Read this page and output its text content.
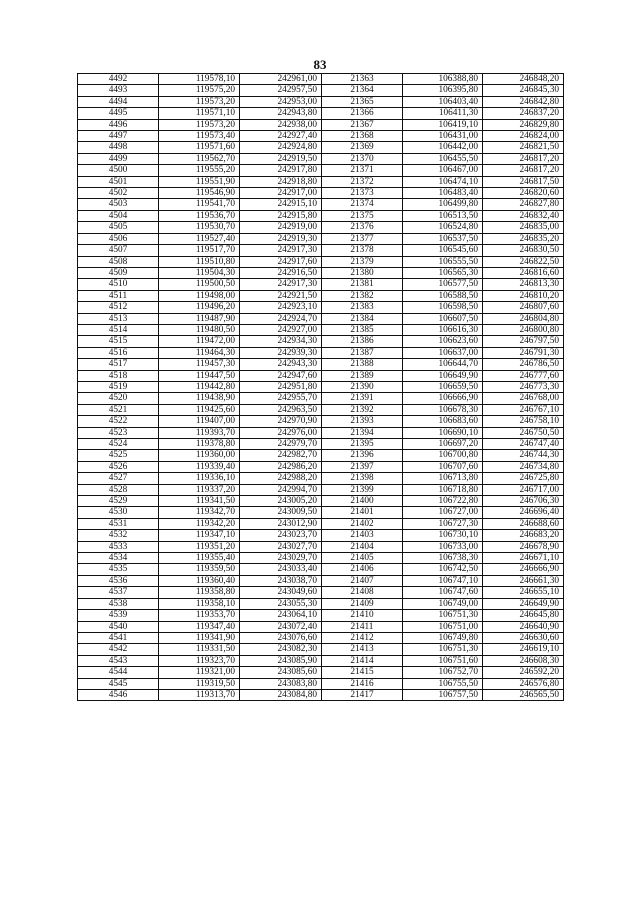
83
4492	119578,10	242961,00	21363	106388,80	246848,20
4493	119575,20	242957,50	21364	106395,80	246845,30
4494	119573,20	242953,00	21365	106403,40	246842,80
4495	119571,10	242943,80	21366	106411,30	246837,20
4496	119573,20	242938,00	21367	106419,10	246829,80
4497	119573,40	242927,40	21368	106431,00	246824,00
4498	119571,60	242924,80	21369	106442,00	246821,50
4499	119562,70	242919,50	21370	106455,50	246817,20
4500	119555,20	242917,80	21371	106467,00	246817,20
4501	119551,90	242918,80	21372	106474,10	246817,50
4502	119546,90	242917,00	21373	106483,40	246820,60
4503	119541,70	242915,10	21374	106499,80	246827,80
4504	119536,70	242915,80	21375	106513,50	246832,40
4505	119530,70	242919,00	21376	106524,80	246835,00
4506	119527,40	242919,30	21377	106537,50	246835,20
4507	119517,70	242917,30	21378	106545,60	246830,50
4508	119510,80	242917,60	21379	106555,50	246822,50
4509	119504,30	242916,50	21380	106565,30	246816,60
4510	119500,50	242917,30	21381	106577,50	246813,30
4511	119498,00	242921,50	21382	106588,50	246810,20
4512	119496,20	242923,10	21383	106598,50	246807,60
4513	119487,90	242924,70	21384	106607,50	246804,80
4514	119480,50	242927,00	21385	106616,30	246800,80
4515	119472,00	242934,30	21386	106623,60	246797,50
4516	119464,30	242939,30	21387	106637,00	246791,30
4517	119457,30	242943,30	21388	106644,70	246786,50
4518	119447,50	242947,60	21389	106649,90	246777,60
4519	119442,80	242951,80	21390	106659,50	246773,30
4520	119438,90	242955,70	21391	106666,90	246768,00
4521	119425,60	242963,50	21392	106678,30	246767,10
4522	119407,00	242970,90	21393	106683,60	246758,10
4523	119393,70	242976,00	21394	106690,10	246750,50
4524	119378,80	242979,70	21395	106697,20	246747,40
4525	119360,00	242982,70	21396	106700,80	246744,30
4526	119339,40	242986,20	21397	106707,60	246734,80
4527	119336,10	242988,20	21398	106713,80	246725,80
4528	119337,20	242994,70	21399	106718,80	246717,00
4529	119341,50	243005,20	21400	106722,80	246706,30
4530	119342,70	243009,50	21401	106727,00	246696,40
4531	119342,20	243012,90	21402	106727,30	246688,60
4532	119347,10	243023,70	21403	106730,10	246683,20
4533	119351,20	243027,70	21404	106733,00	246678,90
4534	119355,40	243029,70	21405	106738,30	246671,10
4535	119359,50	243033,40	21406	106742,50	246666,90
4536	119360,40	243038,70	21407	106747,10	246661,30
4537	119358,80	243049,60	21408	106747,60	246655,10
4538	119358,10	243055,30	21409	106749,00	246649,90
4539	119353,70	243064,10	21410	106751,30	246645,80
4540	119347,40	243072,40	21411	106751,00	246640,90
4541	119341,90	243076,60	21412	106749,80	246630,60
4542	119331,50	243082,30	21413	106751,30	246619,10
4543	119323,70	243085,90	21414	106751,60	246608,30
4544	119321,00	243085,60	21415	106752,70	246592,20
4545	119319,50	243083,80	21416	106755,50	246576,80
4546	119313,70	243084,80	21417	106757,50	246565,50
